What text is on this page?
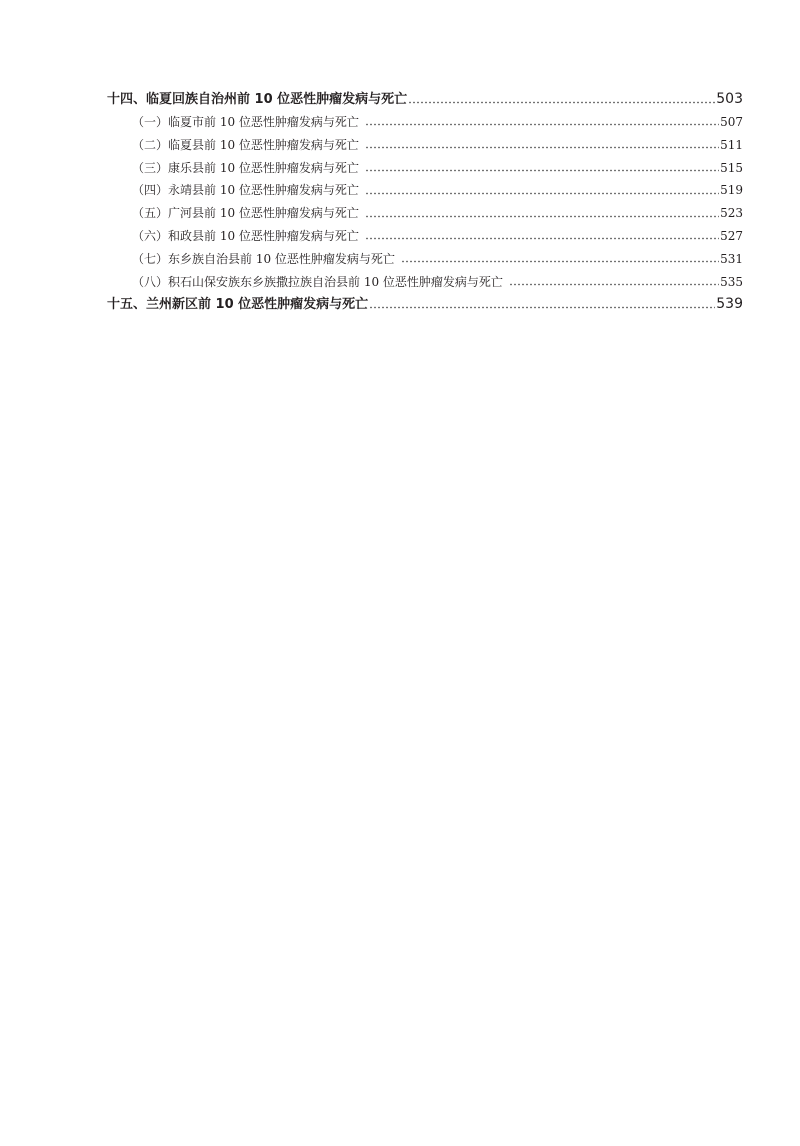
十四、临夏回族自治州前 10 位恶性肿瘤发病与死亡	503
（一）临夏市前 10 位恶性肿瘤发病与死亡	507
（二）临夏县前 10 位恶性肿瘤发病与死亡	511
（三）康乐县前 10 位恶性肿瘤发病与死亡	515
（四）永靖县前 10 位恶性肿瘤发病与死亡	519
（五）广河县前 10 位恶性肿瘤发病与死亡	523
（六）和政县前 10 位恶性肿瘤发病与死亡	527
（七）东乡族自治县前 10 位恶性肿瘤发病与死亡	531
（八）积石山保安族东乡族撒拉族自治县前 10 位恶性肿瘤发病与死亡	535
十五、兰州新区前 10 位恶性肿瘤发病与死亡	539
